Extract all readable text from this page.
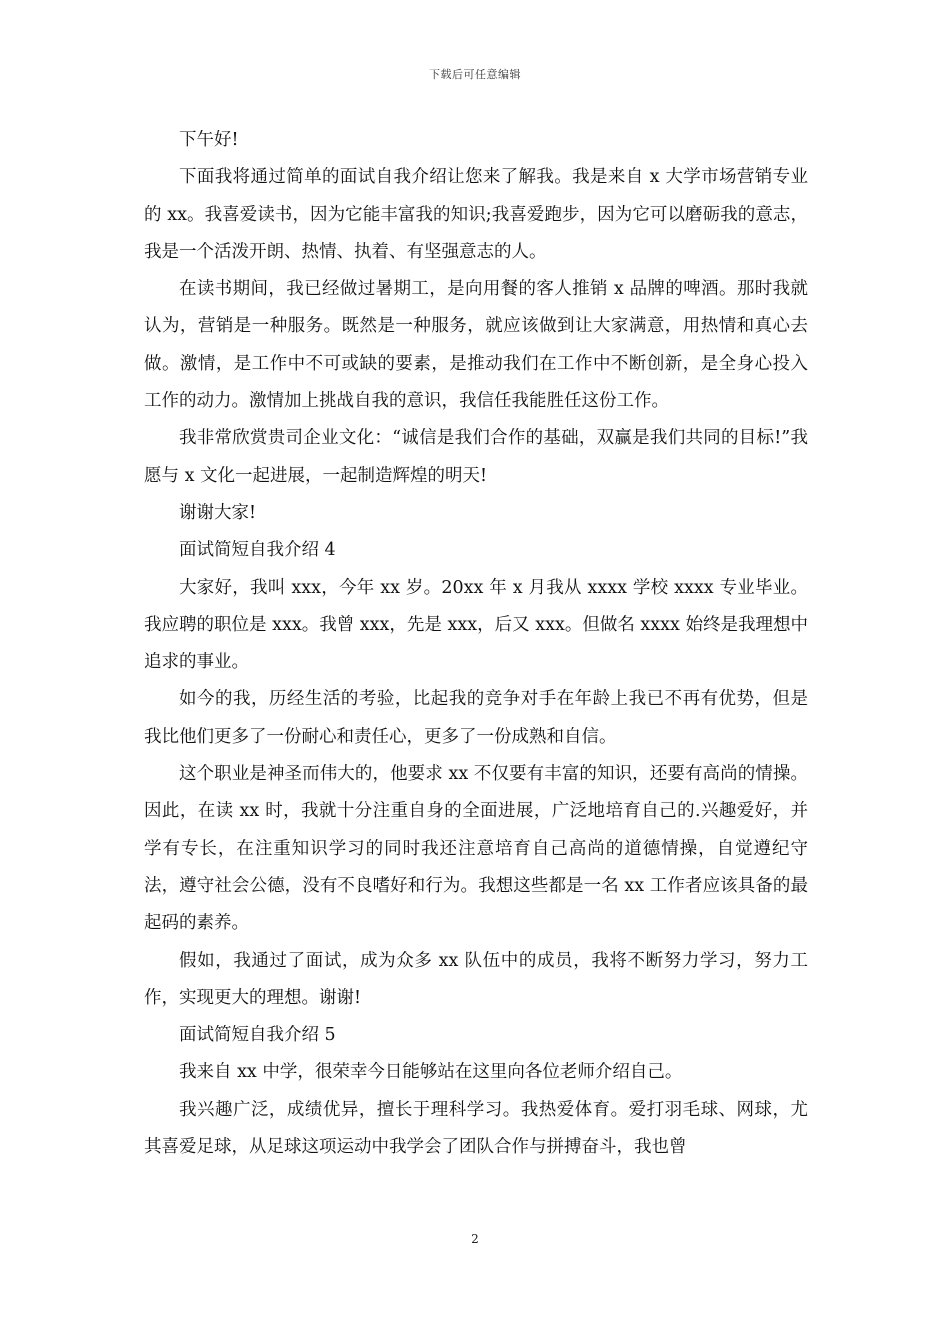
下载后可任意编辑

下午好!

下面我将通过简单的面试自我介绍让您来了解我。我是来自 x 大学市场营销专业的 xx。我喜爱读书，因为它能丰富我的知识;我喜爱跑步，因为它可以磨砺我的意志，我是一个活泼开朗、热情、执着、有坚强意志的人。

在读书期间，我已经做过暑期工，是向用餐的客人推销 x 品牌的啤酒。那时我就认为，营销是一种服务。既然是一种服务，就应该做到让大家满意，用热情和真心去做。激情，是工作中不可或缺的要素，是推动我们在工作中不断创新，是全身心投入工作的动力。激情加上挑战自我的意识，我信任我能胜任这份工作。

我非常欣赏贵司企业文化：“诚信是我们合作的基础，双赢是我们共同的目标!”我愿与 x 文化一起进展，一起制造辉煌的明天!

谢谢大家!

面试简短自我介绍 4

大家好，我叫 xxx，今年 xx 岁。20xx 年 x 月我从 xxxx 学校 xxxx 专业毕业。我应聘的职位是 xxx。我曾 xxx，先是 xxx，后又 xxx。但做名 xxxx 始终是我理想中追求的事业。

如今的我，历经生活的考验，比起我的竞争对手在年龄上我已不再有优势，但是我比他们更多了一份耐心和责任心，更多了一份成熟和自信。

这个职业是神圣而伟大的，他要求 xx 不仅要有丰富的知识，还要有高尚的情操。因此，在读 xx 时，我就十分注重自身的全面进展，广泛地培育自己的.兴趣爱好，并学有专长，在注重知识学习的同时我还注意培育自己高尚的道德情操，自觉遵纪守法，遵守社会公德，没有不良嗜好和行为。我想这些都是一名 xx 工作者应该具备的最起码的素养。

假如，我通过了面试，成为众多 xx 队伍中的成员，我将不断努力学习，努力工作，实现更大的理想。谢谢!

面试简短自我介绍 5

我来自 xx 中学，很荣幸今日能够站在这里向各位老师介绍自己。

我兴趣广泛，成绩优异，擅长于理科学习。我热爱体育。爱打羽毛球、网球，尤其喜爱足球，从足球这项运动中我学会了团队合作与拼搏奋斗，我也曾

2
